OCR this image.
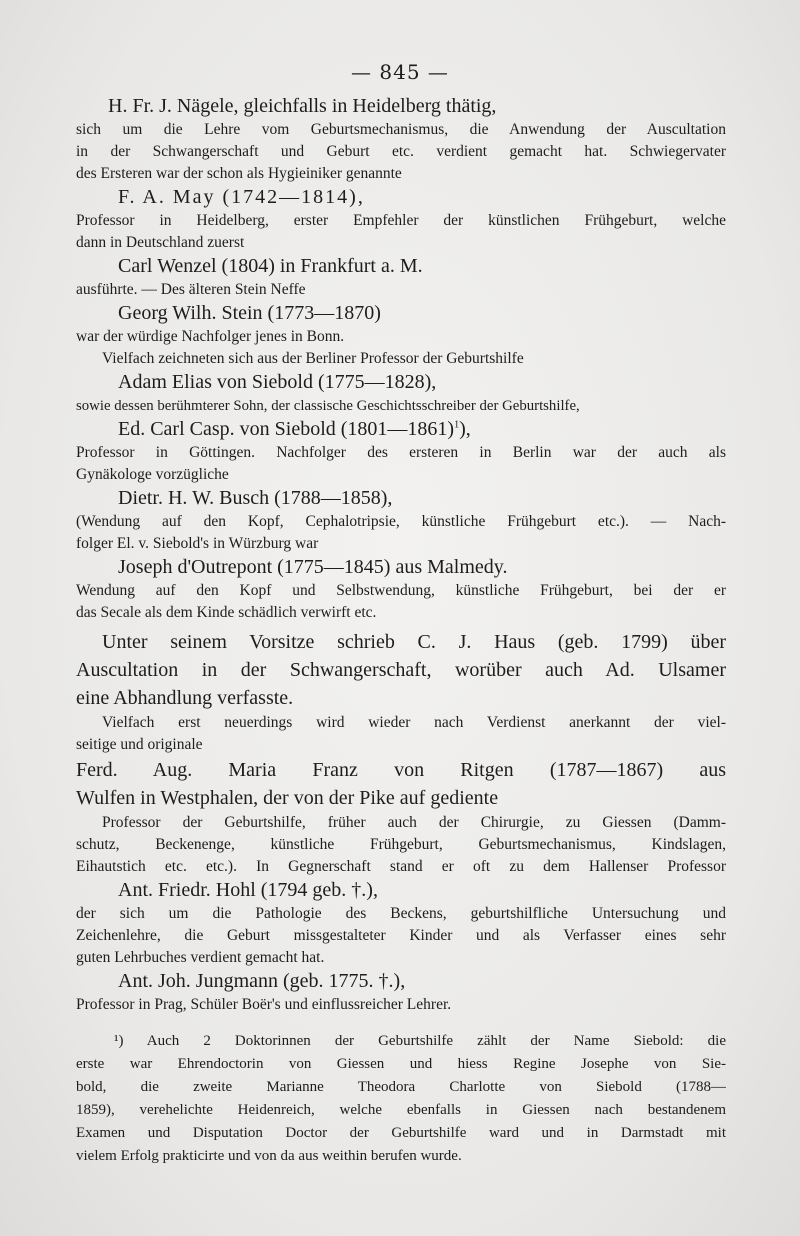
— 845 —
H. Fr. J. Nägele, gleichfalls in Heidelberg thätig,
sich um die Lehre vom Geburtsmechanismus, die Anwendung der Auscultation
in der Schwangerschaft und Geburt etc. verdient gemacht hat. Schwiegervater
des Ersteren war der schon als Hygieiniker genannte
F. A. May (1742—1814),
Professor in Heidelberg, erster Empfehler der künstlichen Frühgeburt, welche
dann in Deutschland zuerst
Carl Wenzel (1804) in Frankfurt a. M.
ausführte. — Des älteren Stein Neffe
Georg Wilh. Stein (1773—1870)
war der würdige Nachfolger jenes in Bonn.
Vielfach zeichneten sich aus der Berliner Professor der Geburtshilfe
Adam Elias von Siebold (1775—1828),
sowie dessen berühmterer Sohn, der classische Geschichtsschreiber der Geburtshilfe,
Ed. Carl Casp. von Siebold (1801—1861)$^1$),
Professor in Göttingen. Nachfolger des ersteren in Berlin war der auch als
Gynäkologe vorzügliche
Dietr. H. W. Busch (1788—1858),
(Wendung auf den Kopf, Cephalotripsie, künstliche Frühgeburt etc.). — Nach-
folger El. v. Siebold's in Würzburg war
Joseph d'Outrepont (1775—1845) aus Malmedy.
Wendung auf den Kopf und Selbstwendung, künstliche Frühgeburt, bei der er
das Secale als dem Kinde schädlich verwirft etc.
Unter seinem Vorsitze schrieb C. J. Haus (geb. 1799) über
Auscultation in der Schwangerschaft, worüber auch Ad. Ulsamer
eine Abhandlung verfasste.
Vielfach erst neuerdings wird wieder nach Verdienst anerkannt der viel-
seitige und originale
Ferd. Aug. Maria Franz von Ritgen (1787—1867) aus
Wulfen in Westphalen, der von der Pike auf gediente
Professor der Geburtshilfe, früher auch der Chirurgie, zu Giessen (Damm-
schutz, Beckenenge, künstliche Frühgeburt, Geburtsmechanismus, Kindslagen,
Eihautstich etc. etc.). In Gegnerschaft stand er oft zu dem Hallenser Professor
Ant. Friedr. Hohl (1794 geb. †.),
der sich um die Pathologie des Beckens, geburtshilfliche Untersuchung und
Zeichenlehre, die Geburt missgestalteter Kinder und als Verfasser eines sehr
guten Lehrbuches verdient gemacht hat.
Ant. Joh. Jungmann (geb. 1775. †.),
Professor in Prag, Schüler Boër's und einflussreicher Lehrer.
¹) Auch 2 Doktorinnen der Geburtshilfe zählt der Name Siebold: die
erste war Ehrendoctorin von Giessen und hiess Regine Josephe von Sie-
bold, die zweite Marianne Theodora Charlotte von Siebold (1788—
1859), verehelichte Heidenreich, welche ebenfalls in Giessen nach bestandenem
Examen und Disputation Doctor der Geburtshilfe ward und in Darmstadt mit
vielem Erfolg prakticirte und von da aus weithin berufen wurde.
